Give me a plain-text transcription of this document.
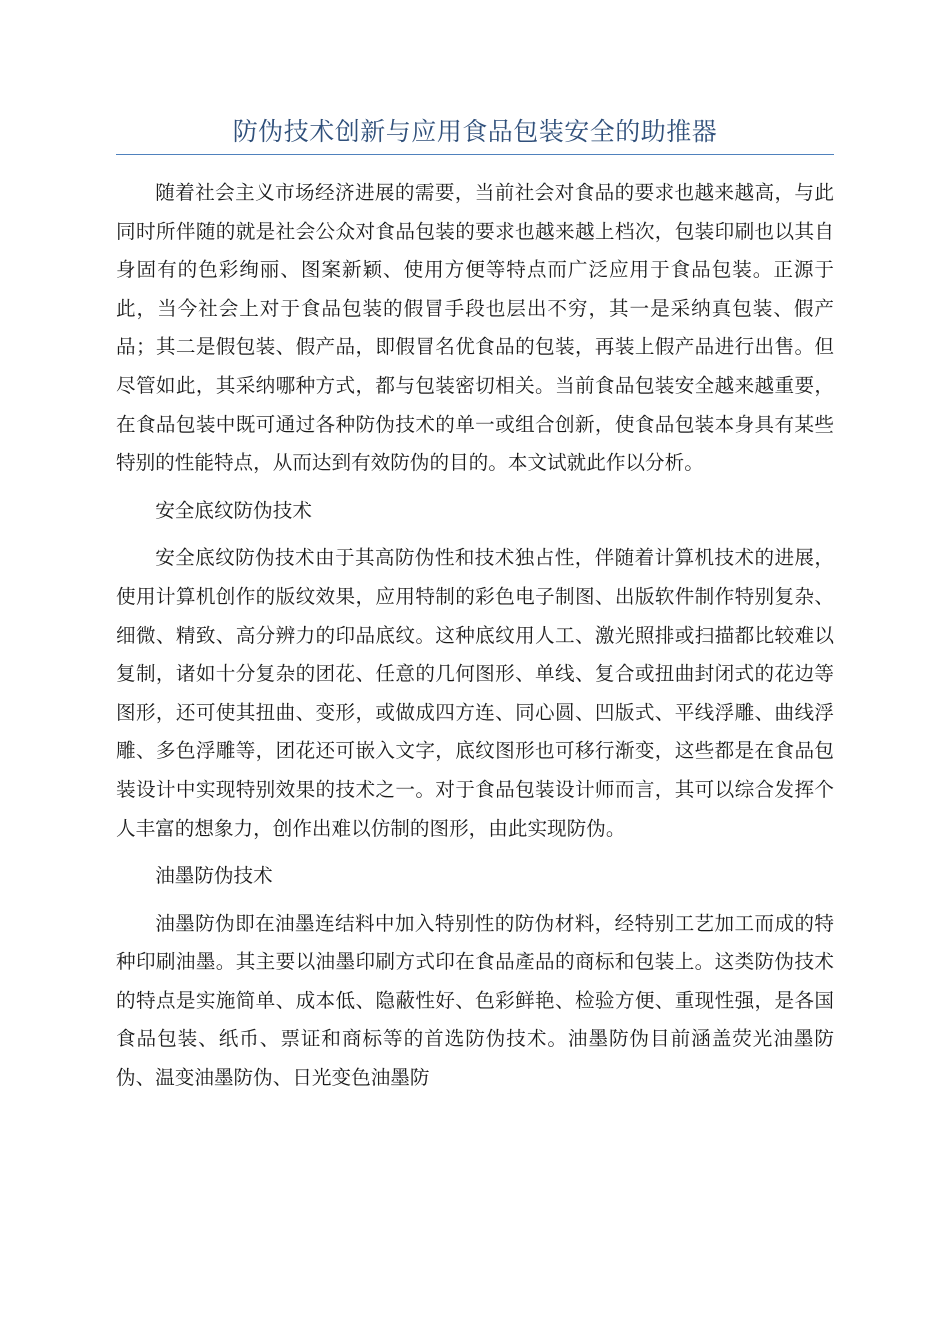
防伪技术创新与应用食品包装安全的助推器

随着社会主义市场经济进展的需要，当前社会对食品的要求也越来越高，与此同时所伴随的就是社会公众对食品包装的要求也越来越上档次，包装印刷也以其自身固有的色彩绚丽、图案新颖、使用方便等特点而广泛应用于食品包装。正源于此，当今社会上对于食品包装的假冒手段也层出不穷，其一是采纳真包装、假产品；其二是假包装、假产品，即假冒名优食品的包装，再装上假产品进行出售。但尽管如此，其采纳哪种方式，都与包装密切相关。当前食品包装安全越来越重要，在食品包装中既可通过各种防伪技术的单一或组合创新，使食品包装本身具有某些特别的性能特点，从而达到有效防伪的目的。本文试就此作以分析。

安全底纹防伪技术

安全底纹防伪技术由于其高防伪性和技术独占性，伴随着计算机技术的进展，使用计算机创作的版纹效果，应用特制的彩色电子制图、出版软件制作特别复杂、细微、精致、高分辨力的印品底纹。这种底纹用人工、激光照排或扫描都比较难以复制，诸如十分复杂的团花、任意的几何图形、单线、复合或扭曲封闭式的花边等图形，还可使其扭曲、变形，或做成四方连、同心圆、凹版式、平线浮雕、曲线浮雕、多色浮雕等，团花还可嵌入文字，底纹图形也可移行渐变，这些都是在食品包装设计中实现特别效果的技术之一。对于食品包装设计师而言，其可以综合发挥个人丰富的想象力，创作出难以仿制的图形，由此实现防伪。

油墨防伪技术

油墨防伪即在油墨连结料中加入特别性的防伪材料，经特别工艺加工而成的特种印刷油墨。其主要以油墨印刷方式印在食品產品的商标和包装上。这类防伪技术的特点是实施简单、成本低、隐蔽性好、色彩鲜艳、检验方便、重现性强，是各国食品包装、纸币、票证和商标等的首选防伪技术。油墨防伪目前涵盖荧光油墨防伪、温变油墨防伪、日光变色油墨防
